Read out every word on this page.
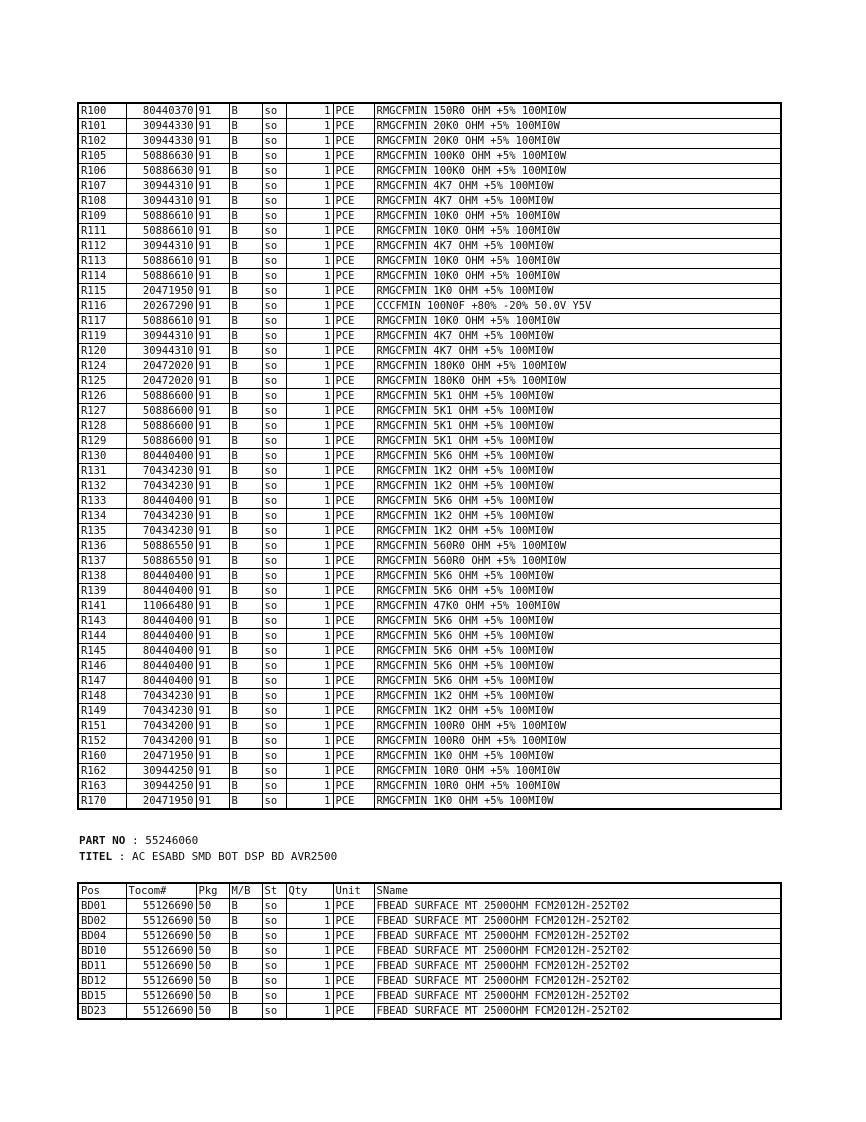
R100	80440370	91	B	so	1	PCE	RMGCFMIN 150R0 OHM +5% 100MI0W
R101	30944330	91	B	so	1	PCE	RMGCFMIN 20K0 OHM +5% 100MI0W
R102	30944330	91	B	so	1	PCE	RMGCFMIN 20K0 OHM +5% 100MI0W
R105	50886630	91	B	so	1	PCE	RMGCFMIN 100K0 OHM +5% 100MI0W
R106	50886630	91	B	so	1	PCE	RMGCFMIN 100K0 OHM +5% 100MI0W
R107	30944310	91	B	so	1	PCE	RMGCFMIN 4K7 OHM +5% 100MI0W
R108	30944310	91	B	so	1	PCE	RMGCFMIN 4K7 OHM +5% 100MI0W
R109	50886610	91	B	so	1	PCE	RMGCFMIN 10K0 OHM +5% 100MI0W
R111	50886610	91	B	so	1	PCE	RMGCFMIN 10K0 OHM +5% 100MI0W
R112	30944310	91	B	so	1	PCE	RMGCFMIN 4K7 OHM +5% 100MI0W
R113	50886610	91	B	so	1	PCE	RMGCFMIN 10K0 OHM +5% 100MI0W
R114	50886610	91	B	so	1	PCE	RMGCFMIN 10K0 OHM +5% 100MI0W
R115	20471950	91	B	so	1	PCE	RMGCFMIN 1K0 OHM +5% 100MI0W
R116	20267290	91	B	so	1	PCE	CCCFMIN 100N0F +80% -20% 50.0V Y5V
R117	50886610	91	B	so	1	PCE	RMGCFMIN 10K0 OHM +5% 100MI0W
R119	30944310	91	B	so	1	PCE	RMGCFMIN 4K7 OHM +5% 100MI0W
R120	30944310	91	B	so	1	PCE	RMGCFMIN 4K7 OHM +5% 100MI0W
R124	20472020	91	B	so	1	PCE	RMGCFMIN 180K0 OHM +5% 100MI0W
R125	20472020	91	B	so	1	PCE	RMGCFMIN 180K0 OHM +5% 100MI0W
R126	50886600	91	B	so	1	PCE	RMGCFMIN 5K1 OHM +5% 100MI0W
R127	50886600	91	B	so	1	PCE	RMGCFMIN 5K1 OHM +5% 100MI0W
R128	50886600	91	B	so	1	PCE	RMGCFMIN 5K1 OHM +5% 100MI0W
R129	50886600	91	B	so	1	PCE	RMGCFMIN 5K1 OHM +5% 100MI0W
R130	80440400	91	B	so	1	PCE	RMGCFMIN 5K6 OHM +5% 100MI0W
R131	70434230	91	B	so	1	PCE	RMGCFMIN 1K2 OHM +5% 100MI0W
R132	70434230	91	B	so	1	PCE	RMGCFMIN 1K2 OHM +5% 100MI0W
R133	80440400	91	B	so	1	PCE	RMGCFMIN 5K6 OHM +5% 100MI0W
R134	70434230	91	B	so	1	PCE	RMGCFMIN 1K2 OHM +5% 100MI0W
R135	70434230	91	B	so	1	PCE	RMGCFMIN 1K2 OHM +5% 100MI0W
R136	50886550	91	B	so	1	PCE	RMGCFMIN 560R0 OHM +5% 100MI0W
R137	50886550	91	B	so	1	PCE	RMGCFMIN 560R0 OHM +5% 100MI0W
R138	80440400	91	B	so	1	PCE	RMGCFMIN 5K6 OHM +5% 100MI0W
R139	80440400	91	B	so	1	PCE	RMGCFMIN 5K6 OHM +5% 100MI0W
R141	11066480	91	B	so	1	PCE	RMGCFMIN 47K0 OHM +5% 100MI0W
R143	80440400	91	B	so	1	PCE	RMGCFMIN 5K6 OHM +5% 100MI0W
R144	80440400	91	B	so	1	PCE	RMGCFMIN 5K6 OHM +5% 100MI0W
R145	80440400	91	B	so	1	PCE	RMGCFMIN 5K6 OHM +5% 100MI0W
R146	80440400	91	B	so	1	PCE	RMGCFMIN 5K6 OHM +5% 100MI0W
R147	80440400	91	B	so	1	PCE	RMGCFMIN 5K6 OHM +5% 100MI0W
R148	70434230	91	B	so	1	PCE	RMGCFMIN 1K2 OHM +5% 100MI0W
R149	70434230	91	B	so	1	PCE	RMGCFMIN 1K2 OHM +5% 100MI0W
R151	70434200	91	B	so	1	PCE	RMGCFMIN 100R0 OHM +5% 100MI0W
R152	70434200	91	B	so	1	PCE	RMGCFMIN 100R0 OHM +5% 100MI0W
R160	20471950	91	B	so	1	PCE	RMGCFMIN 1K0 OHM +5% 100MI0W
R162	30944250	91	B	so	1	PCE	RMGCFMIN 10R0 OHM +5% 100MI0W
R163	30944250	91	B	so	1	PCE	RMGCFMIN 10R0 OHM +5% 100MI0W
R170	20471950	91	B	so	1	PCE	RMGCFMIN 1K0 OHM +5% 100MI0W
PART NO : 55246060
TITEL : AC ESABD SMD BOT DSP BD AVR2500
Pos	Tocom#	Pkg	M/B	St	Qty	Unit	SName
BD01	55126690	50	B	so	1	PCE	FBEAD SURFACE MT 2500OHM FCM2012H-252T02
BD02	55126690	50	B	so	1	PCE	FBEAD SURFACE MT 2500OHM FCM2012H-252T02
BD04	55126690	50	B	so	1	PCE	FBEAD SURFACE MT 2500OHM FCM2012H-252T02
BD10	55126690	50	B	so	1	PCE	FBEAD SURFACE MT 2500OHM FCM2012H-252T02
BD11	55126690	50	B	so	1	PCE	FBEAD SURFACE MT 2500OHM FCM2012H-252T02
BD12	55126690	50	B	so	1	PCE	FBEAD SURFACE MT 2500OHM FCM2012H-252T02
BD15	55126690	50	B	so	1	PCE	FBEAD SURFACE MT 2500OHM FCM2012H-252T02
BD23	55126690	50	B	so	1	PCE	FBEAD SURFACE MT 2500OHM FCM2012H-252T02
